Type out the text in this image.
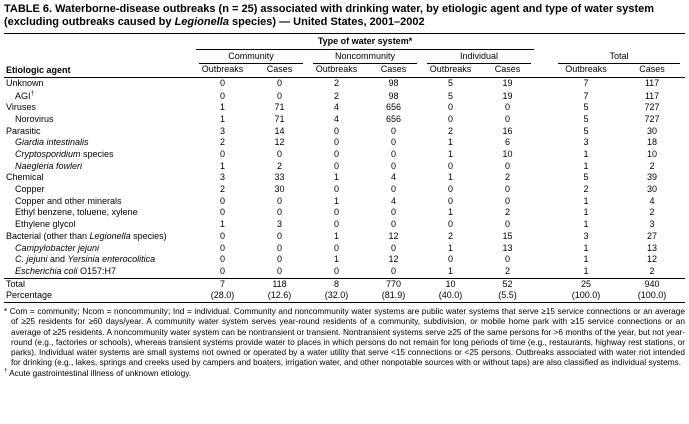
TABLE 6. Waterborne-disease outbreaks (n = 25) associated with drinking water, by etiologic agent and type of water system (excluding outbreaks caused by Legionella species) — United States, 2001–2002
Etiologic agent	Type of water system*								

	Community		Noncommunity		Individual			Total	

	Outbreaks	Cases	Outbreaks	Cases	Outbreaks	Cases		Outbreaks	Cases
Unknown	0	0	2	98	5	19		7	117
AGI†	0	0	2	98	5	19		7	117
Viruses	1	71	4	656	0	0		5	727
Norovirus	1	71	4	656	0	0		5	727
Parasitic	3	14	0	0	2	16		5	30
Giardia intestinalis	2	12	0	0	1	6		3	18
Cryptosporidium species	0	0	0	0	1	10		1	10
Naegleria fowleri	1	2	0	0	0	0		1	2
Chemical	3	33	1	4	1	2		5	39
Copper	2	30	0	0	0	0		2	30
Copper and other minerals	0	0	1	4	0	0		1	4
Ethyl benzene, toluene, xylene	0	0	0	0	1	2		1	2
Ethylene glycol	1	3	0	0	0	0		1	3
Bacterial (other than Legionella species)	0	0	1	12	2	15		3	27
Campylobacter jejuni	0	0	0	0	1	13		1	13
C. jejuni and Yersinia enterocolitica	0	0	1	12	0	0		1	12
Escherichia coli O157:H7	0	0	0	0	1	2		1	2
Total	7	118	8	770	10	52		25	940
Percentage	(28.0)	(12.6)	(32.0)	(81.9)	(40.0)	(5.5)		(100.0)	(100.0)
* Com = community; Ncom = noncommunity; Ind = individual. Community and noncommunity water systems are public water systems that serve ≥15 service connections or an average of ≥25 residents for ≥60 days/year. A community water system serves year-round residents of a community, subdivision, or mobile home park with ≥15 service connections or an average of ≥25 residents. A noncommunity water system can be nontransient or transient. Nontransient systems serve ≥25 of the same persons for >6 months of the year, but not year-round (e.g., factories or schools), whereas transient systems provide water to places in which persons do not remain for long periods of time (e.g., restaurants, highway rest stations, or parks). Individual water systems are small systems not owned or operated by a water utility that serve <15 connections or <25 persons. Outbreaks associated with water not intended for drinking (e.g., lakes, springs and creeks used by campers and boaters, irrigation water, and other nonpotable sources with or without taps) are also classified as individual systems.
† Acute gastrointestinal illness of unknown etiology.
